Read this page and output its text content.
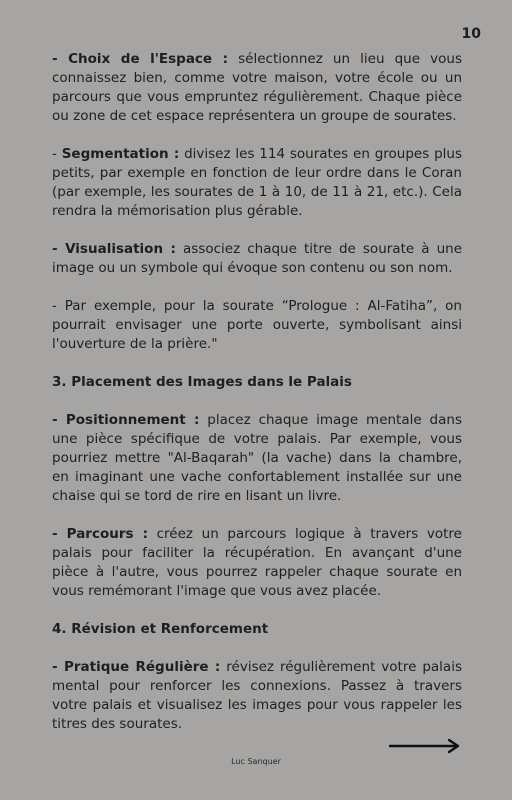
10

- Choix de l'Espace : sélectionnez un lieu que vous connaissez bien, comme votre maison, votre école ou un parcours que vous empruntez régulièrement. Chaque pièce ou zone de cet espace représentera un groupe de sourates.

- Segmentation : divisez les 114 sourates en groupes plus petits, par exemple en fonction de leur ordre dans le Coran (par exemple, les sourates de 1 à 10, de 11 à 21, etc.). Cela rendra la mémorisation plus gérable.

- Visualisation : associez chaque titre de sourate à une image ou un symbole qui évoque son contenu ou son nom.

- Par exemple, pour la sourate “Prologue : Al-Fatiha”, on pourrait envisager une porte ouverte, symbolisant ainsi l'ouverture de la prière."

3. Placement des Images dans le Palais

- Positionnement : placez chaque image mentale dans une pièce spécifique de votre palais. Par exemple, vous pourriez mettre "Al-Baqarah" (la vache) dans la chambre, en imaginant une vache confortablement installée sur une chaise qui se tord de rire en lisant un livre.

- Parcours : créez un parcours logique à travers votre palais pour faciliter la récupération. En avançant d'une pièce à l'autre, vous pourrez rappeler chaque sourate en vous remémorant l'image que vous avez placée.

4. Révision et Renforcement

- Pratique Régulière : révisez régulièrement votre palais mental pour renforcer les connexions. Passez à travers votre palais et visualisez les images pour vous rappeler les titres des sourates.

Luc Sanquer
